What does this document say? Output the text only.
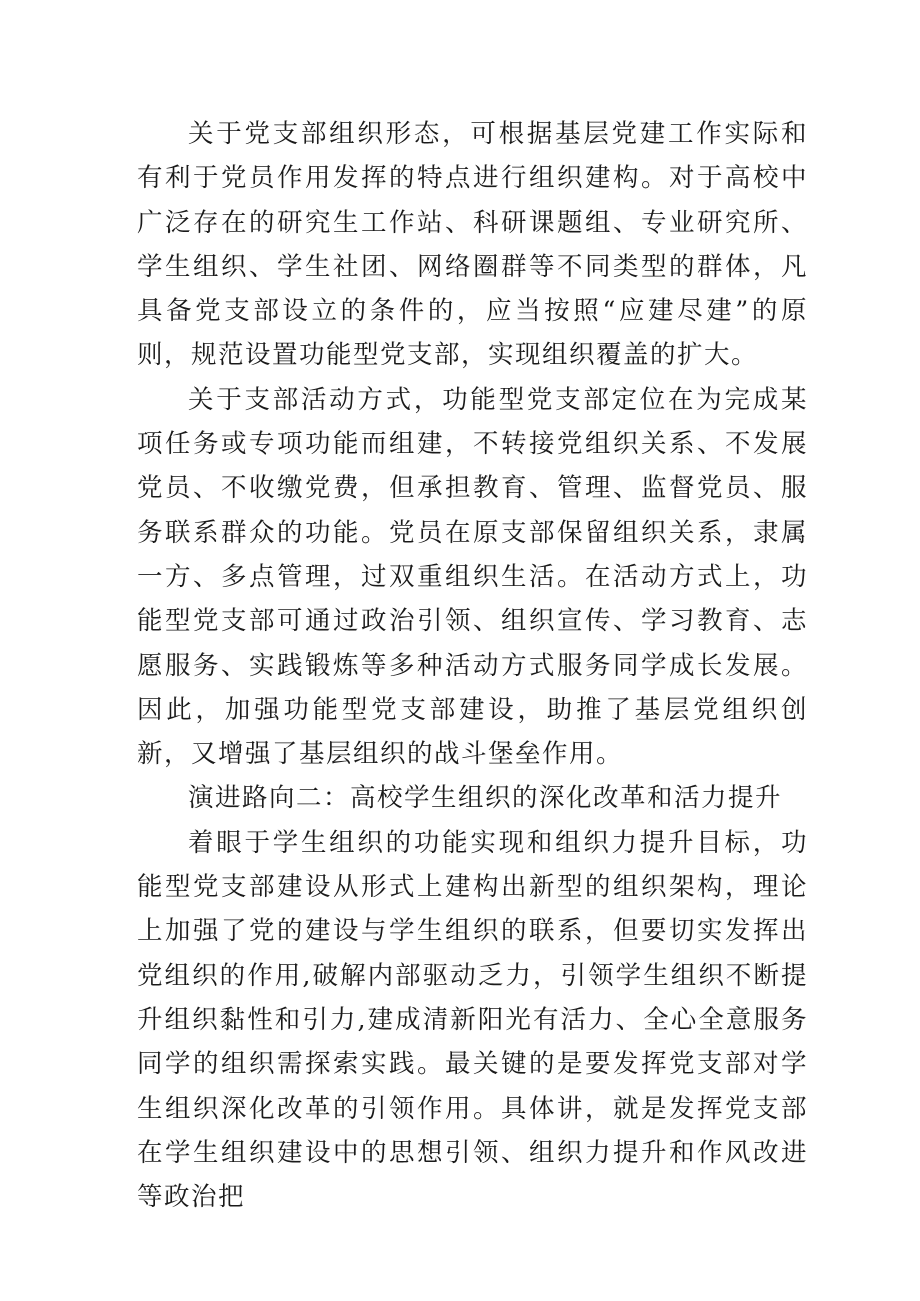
关于党支部组织形态，可根据基层党建工作实际和有利于党员作用发挥的特点进行组织建构。对于高校中广泛存在的研究生工作站、科研课题组、专业研究所、学生组织、学生社团、网络圈群等不同类型的群体，凡具备党支部设立的条件的，应当按照“应建尽建”的原则，规范设置功能型党支部，实现组织覆盖的扩大。

关于支部活动方式，功能型党支部定位在为完成某项任务或专项功能而组建，不转接党组织关系、不发展党员、不收缴党费，但承担教育、管理、监督党员、服务联系群众的功能。党员在原支部保留组织关系，隶属一方、多点管理，过双重组织生活。在活动方式上，功能型党支部可通过政治引领、组织宣传、学习教育、志愿服务、实践锻炼等多种活动方式服务同学成长发展。因此，加强功能型党支部建设，助推了基层党组织创新，又增强了基层组织的战斗堡垒作用。

演进路向二：高校学生组织的深化改革和活力提升

着眼于学生组织的功能实现和组织力提升目标，功能型党支部建设从形式上建构出新型的组织架构，理论上加强了党的建设与学生组织的联系，但要切实发挥出党组织的作用,破解内部驱动乏力，引领学生组织不断提升组织黏性和引力,建成清新阳光有活力、全心全意服务同学的组织需探索实践。最关键的是要发挥党支部对学生组织深化改革的引领作用。具体讲，就是发挥党支部在学生组织建设中的思想引领、组织力提升和作风改进等政治把
